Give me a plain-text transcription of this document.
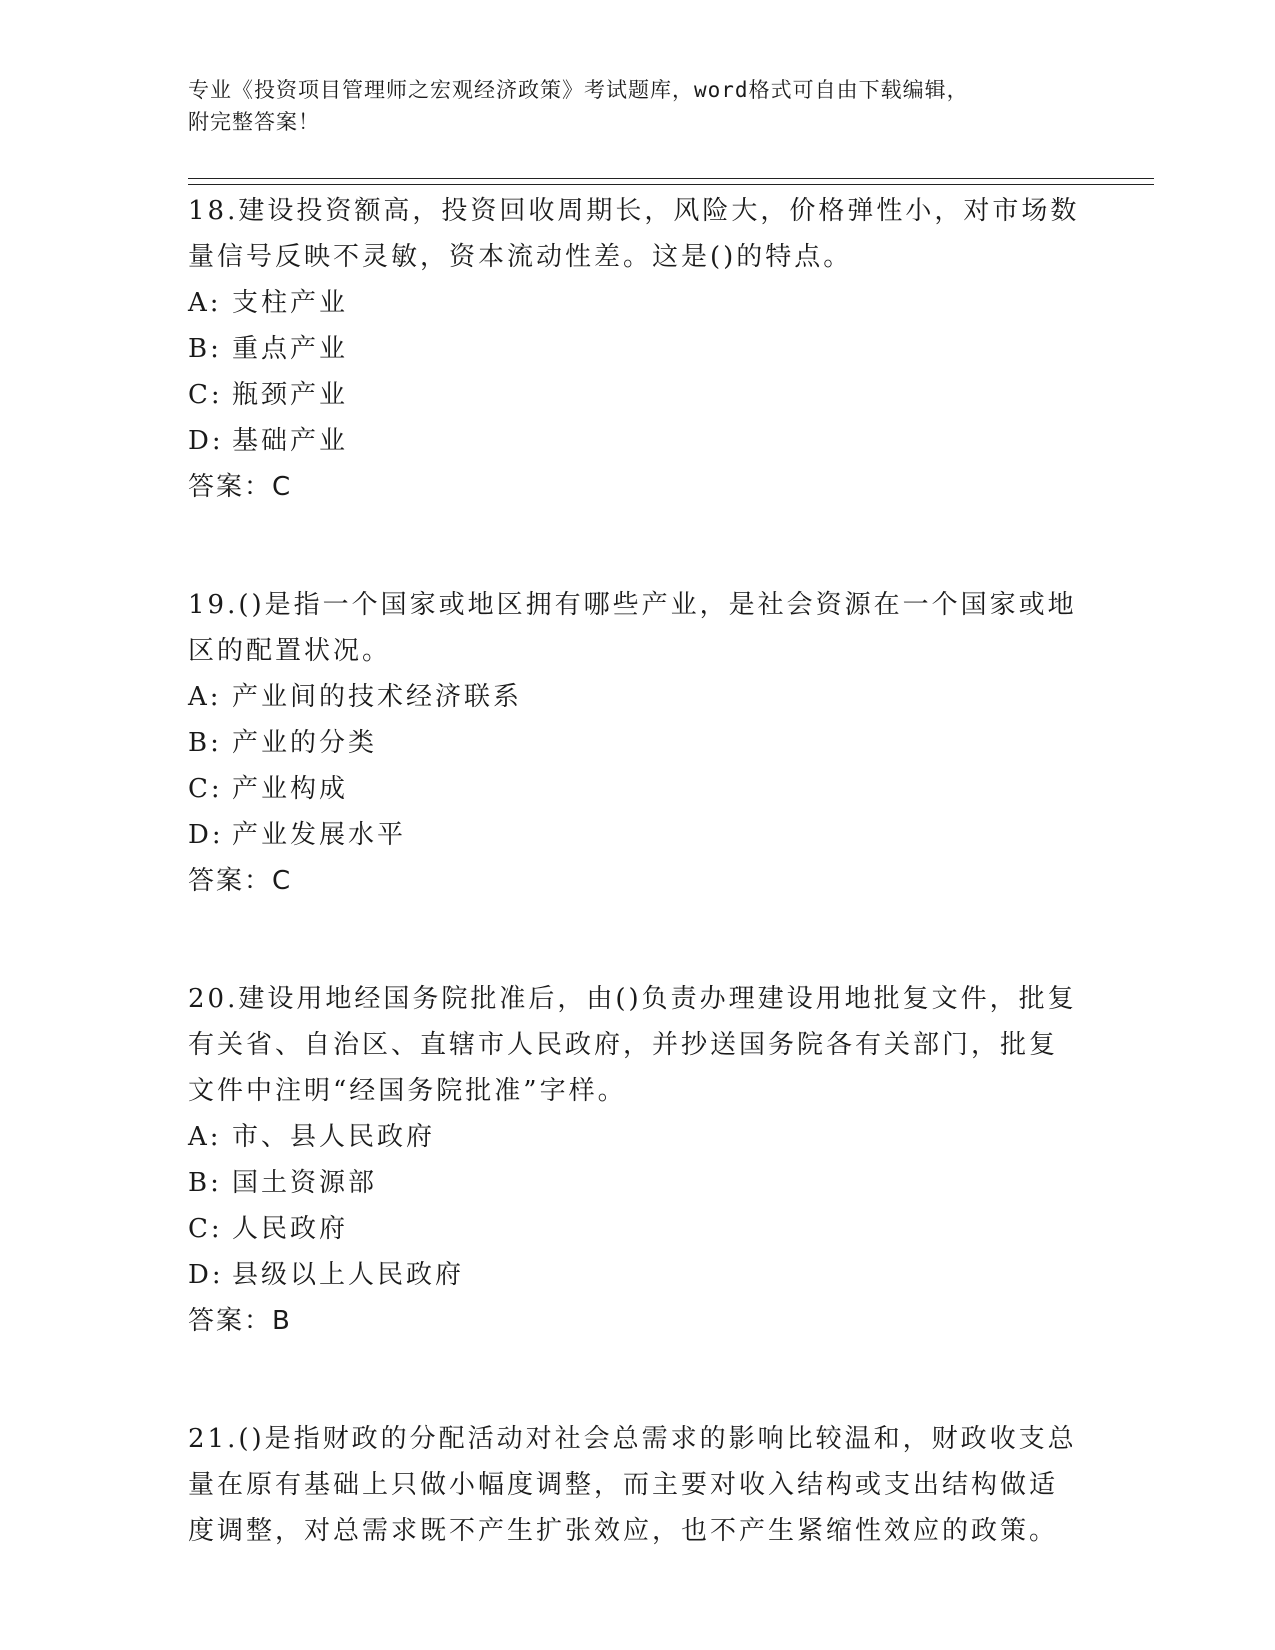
专业《投资项目管理师之宏观经济政策》考试题库，word格式可自由下载编辑，

附完整答案！

18.建设投资额高，投资回收周期长，风险大，价格弹性小，对市场数
量信号反映不灵敏，资本流动性差。这是()的特点。

A: 支柱产业
B: 重点产业
C: 瓶颈产业
D: 基础产业

答案：C

19.()是指一个国家或地区拥有哪些产业，是社会资源在一个国家或地
区的配置状况。

A: 产业间的技术经济联系
B: 产业的分类
C: 产业构成
D: 产业发展水平

答案：C

20.建设用地经国务院批准后，由()负责办理建设用地批复文件，批复
有关省、自治区、直辖市人民政府，并抄送国务院各有关部门，批复
文件中注明“经国务院批准”字样。

A: 市、县人民政府
B: 国土资源部
C: 人民政府
D: 县级以上人民政府

答案：B

21.()是指财政的分配活动对社会总需求的影响比较温和，财政收支总
量在原有基础上只做小幅度调整，而主要对收入结构或支出结构做适
度调整，对总需求既不产生扩张效应，也不产生紧缩性效应的政策。
